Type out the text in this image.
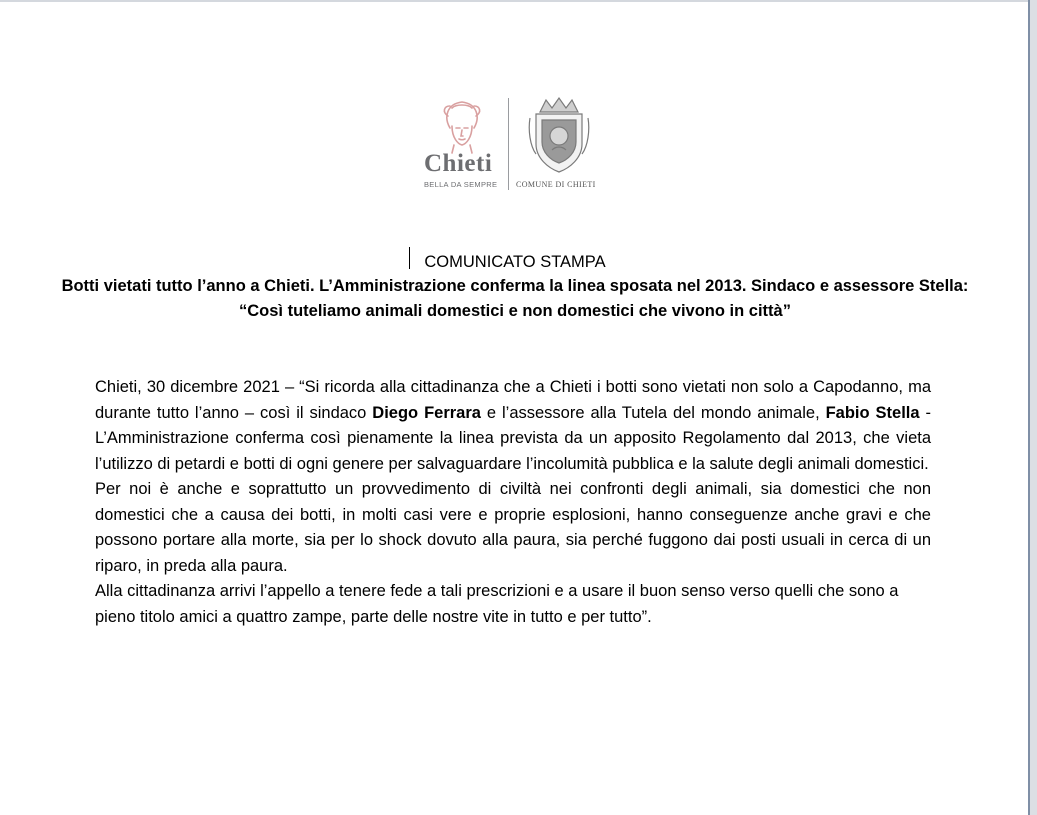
Chieti
BELLA DA SEMPRE COMUNE DI CHIETI
COMUNICATO STAMPA
Botti vietati tutto l’anno a Chieti. L’Amministrazione conferma la linea sposata nel 2013. Sindaco e assessore Stella: “Così tuteliamo animali domestici e non domestici che vivono in città”

Chieti, 30 dicembre 2021 – “Si ricorda alla cittadinanza che a Chieti i botti sono vietati non solo a Capodanno, ma durante tutto l’anno – così il sindaco Diego Ferrara e l’assessore alla Tutela del mondo animale, Fabio Stella - L’Amministrazione conferma così pienamente la linea prevista da un apposito Regolamento dal 2013, che vieta l’utilizzo di petardi e botti di ogni genere per salvaguardare l’incolumità pubblica e la salute degli animali domestici.

Per noi è anche e soprattutto un provvedimento di civiltà nei confronti degli animali, sia domestici che non domestici che a causa dei botti, in molti casi vere e proprie esplosioni, hanno conseguenze anche gravi e che possono portare alla morte, sia per lo shock dovuto alla paura, sia perché fuggono dai posti usuali in cerca di un riparo, in preda alla paura.

Alla cittadinanza arrivi l’appello a tenere fede a tali prescrizioni e a usare il buon senso verso quelli che sono a pieno titolo amici a quattro zampe, parte delle nostre vite in tutto e per tutto”.
